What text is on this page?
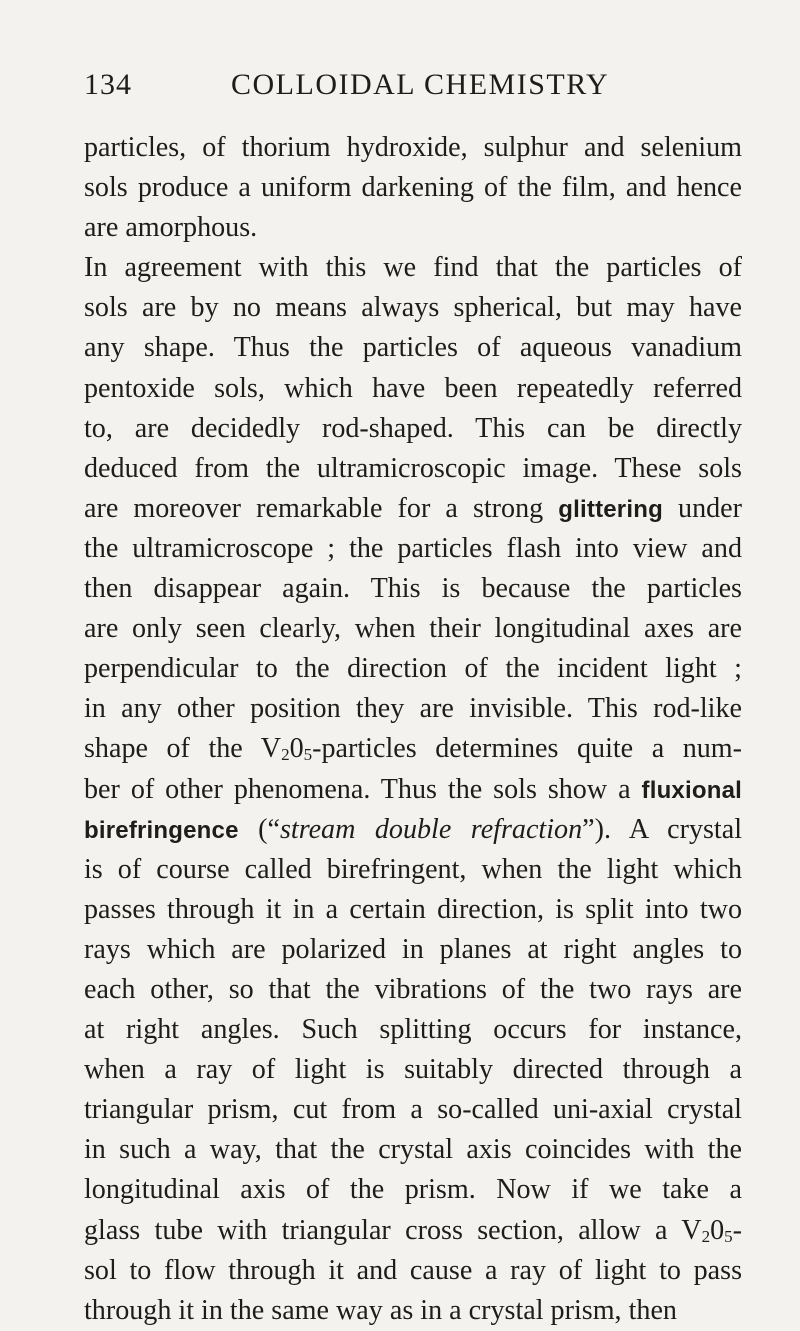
134	COLLOIDAL CHEMISTRY
particles, of thorium hydroxide, sulphur and selenium
sols produce a uniform darkening of the film, and hence
are amorphous.
In agreement with this we find that the particles of
sols are by no means always spherical, but may have
any shape. Thus the particles of aqueous vanadium
pentoxide sols, which have been repeatedly referred
to, are decidedly rod-shaped. This can be directly
deduced from the ultramicroscopic image. These sols
are moreover remarkable for a strong glittering under
the ultramicroscope ; the particles flash into view and
then disappear again. This is because the particles
are only seen clearly, when their longitudinal axes are
perpendicular to the direction of the incident light ;
in any other position they are invisible. This rod-like
shape of the $V_20_5$-particles determines quite a num-
ber of other phenomena. Thus the sols show a fluxional
birefringence (“stream double refraction”). A crystal
is of course called birefringent, when the light which
passes through it in a certain direction, is split into two
rays which are polarized in planes at right angles to
each other, so that the vibrations of the two rays are
at right angles. Such splitting occurs for instance,
when a ray of light is suitably directed through a
triangular prism, cut from a so-called uni-axial crystal
in such a way, that the crystal axis coincides with the
longitudinal axis of the prism. Now if we take a
glass tube with triangular cross section, allow a $V_20_5-$
sol to flow through it and cause a ray of light to pass
through it in the same way as in a crystal prism, then
